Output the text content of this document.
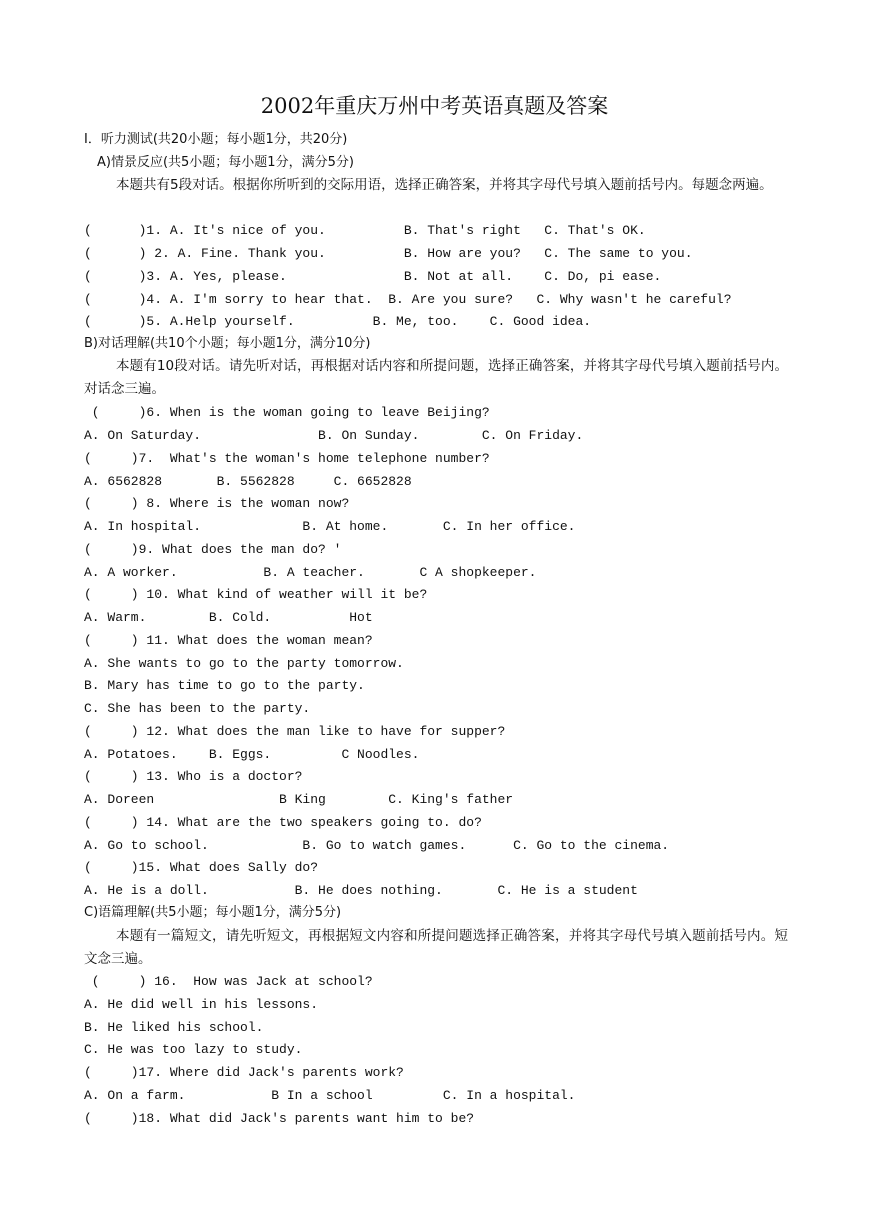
2002年重庆万州中考英语真题及答案
I．听力测试(共20小题；每小题1分，共20分)
A)情景反应(共5小题；每小题1分，满分5分)

本题共有5段对话。根据你所听到的交际用语，选择正确答案，并将其字母代号填入题前括号内。每题念两遍。

(      )1. A. It's nice of you.          B. That's right   C. That's OK.
(      ) 2. A. Fine. Thank you.          B. How are you?   C. The same to you.
(      )3. A. Yes, please.               B. Not at all.    C. Do, pi ease.
(      )4. A. I'm sorry to hear that.  B. Are you sure?   C. Why wasn't he careful?
(      )5. A.Help yourself.          B. Me, too.    C. Good idea.
B)对话理解(共10个小题；每小题1分，满分10分)

本题有10段对话。请先听对话，再根据对话内容和所提问题，选择正确答案，并将其字母代号填入题前括号内。对话念三遍。

(     )6. When is the woman going to leave Beijing?
A. On Saturday.               B. On Sunday.        C. On Friday.
(     )7.  What's the woman's home telephone number?
A. 6562828       B. 5562828     C. 6652828
(     ) 8. Where is the woman now?
A. In hospital.             B. At home.       C. In her office.
(     )9. What does the man do? '
A. A worker.           B. A teacher.       C A shopkeeper.
(     ) 10. What kind of weather will it be?
A. Warm.        B. Cold.          Hot
(     ) 11. What does the woman mean?
A. She wants to go to the party tomorrow.
B. Mary has time to go to the party.
C. She has been to the party.
(     ) 12. What does the man like to have for supper?
A. Potatoes.    B. Eggs.         C Noodles.
(     ) 13. Who is a doctor?
A. Doreen                B King        C. King's father
(     ) 14. What are the two speakers going to. do?
A. Go to school.            B. Go to watch games.      C. Go to the cinema.
(     )15. What does Sally do?
A. He is a doll.           B. He does nothing.       C. He is a student
C)语篇理解(共5小题；每小题1分，满分5分)

本题有一篇短文，请先听短文，再根据短文内容和所提问题选择正确答案，并将其字母代号填入题前括号内。短文念三遍。

(     ) 16.  How was Jack at school?
A. He did well in his lessons.
B. He liked his school.
C. He was too lazy to study.
(     )17. Where did Jack's parents work?
A. On a farm.           B In a school         C. In a hospital.
(     )18. What did Jack's parents want him to be?
